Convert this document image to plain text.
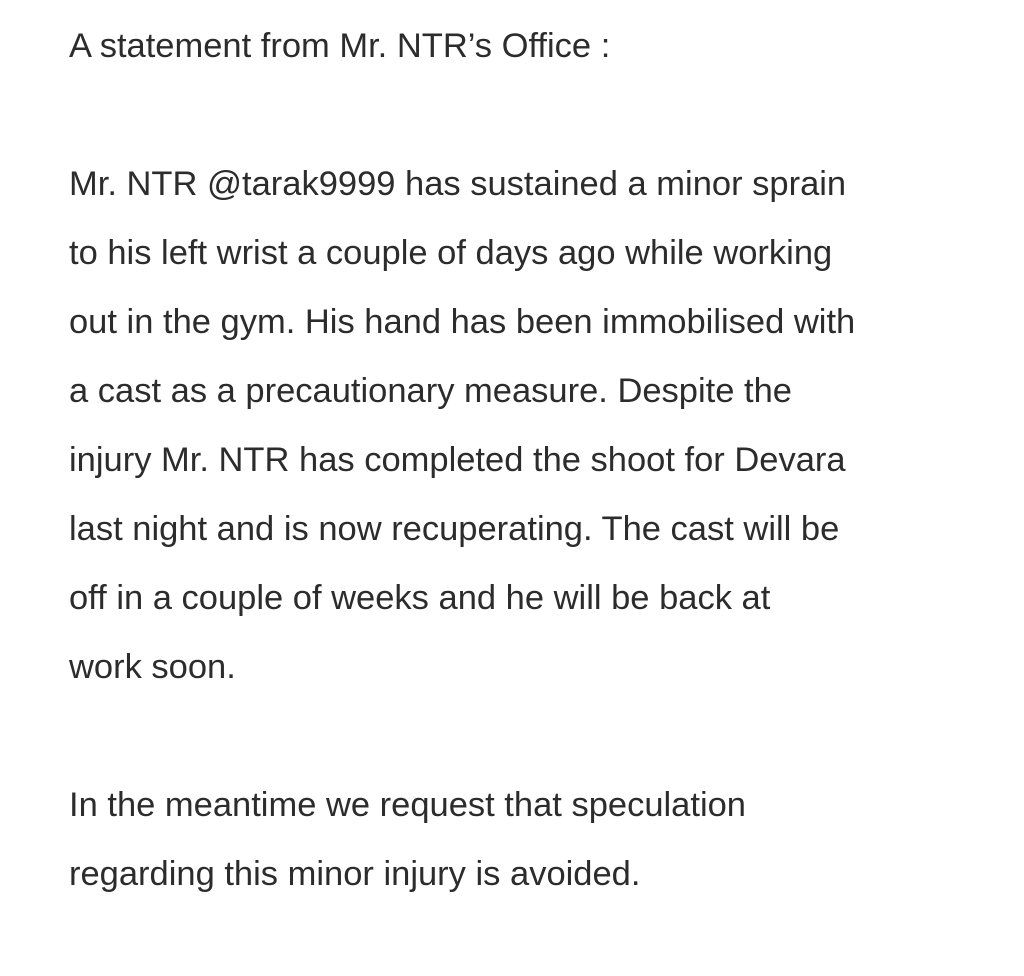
A statement from Mr. NTR’s Office :
Mr. NTR @tarak9999 has sustained a minor sprain
to his left wrist a couple of days ago while working
out in the gym. His hand has been immobilised with
a cast as a precautionary measure. Despite the
injury Mr. NTR has completed the shoot for Devara
last night and is now recuperating. The cast will be
off in a couple of weeks and he will be back at
work soon.
In the meantime we request that speculation
regarding this minor injury is avoided.
